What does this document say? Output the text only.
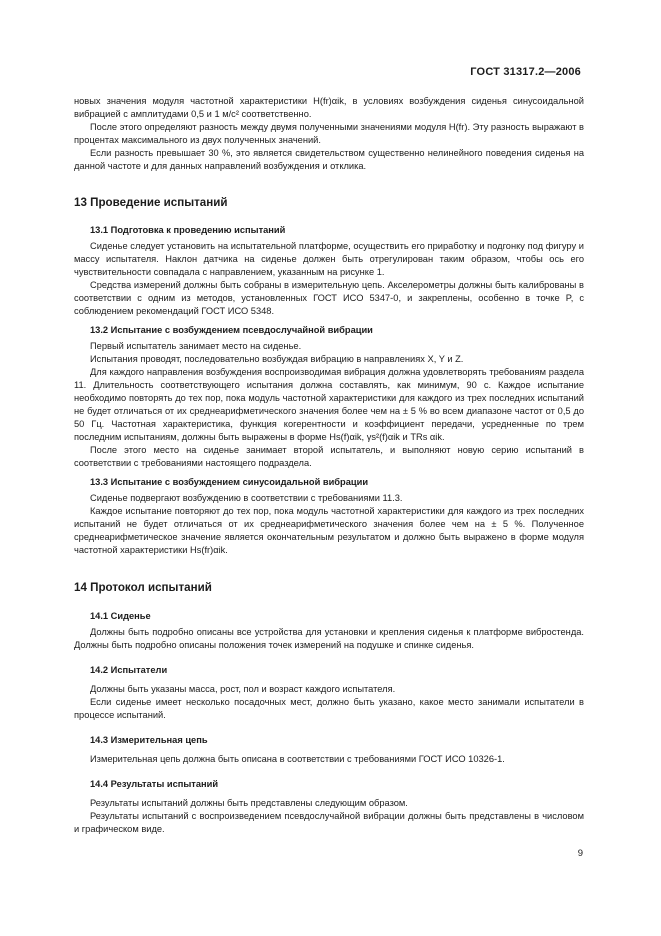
ГОСТ 31317.2—2006

новых значения модуля частотной характеристики H(fr)αik, в условиях возбуждения сиденья синусоидальной вибрацией с амплитудами 0,5 и 1 м/с² соответственно.

После этого определяют разность между двумя полученными значениями модуля H(fr). Эту разность выражают в процентах максимального из двух полученных значений.

Если разность превышает 30 %, это является свидетельством существенно нелинейного поведения сиденья на данной частоте и для данных направлений возбуждения и отклика.

13 Проведение испытаний
13.1 Подготовка к проведению испытаний

Сиденье следует установить на испытательной платформе, осуществить его приработку и подгонку под фигуру и массу испытателя. Наклон датчика на сиденье должен быть отрегулирован таким образом, чтобы ось его чувствительности совпадала с направлением, указанным на рисунке 1.

Средства измерений должны быть собраны в измерительную цепь. Акселерометры должны быть калиброваны в соответствии с одним из методов, установленных ГОСТ ИСО 5347-0, и закреплены, особенно в точке P, с соблюдением рекомендаций ГОСТ ИСО 5348.

13.2 Испытание с возбуждением псевдослучайной вибрации

Первый испытатель занимает место на сиденье.

Испытания проводят, последовательно возбуждая вибрацию в направлениях X, Y и Z.

Для каждого направления возбуждения воспроизводимая вибрация должна удовлетворять требованиям раздела 11. Длительность соответствующего испытания должна составлять, как минимум, 90 с. Каждое испытание необходимо повторять до тех пор, пока модуль частотной характеристики для каждого из трех последних испытаний не будет отличаться от их среднеарифметического значения более чем на ± 5 % во всем диапазоне частот от 0,5 до 50 Гц. Частотная характеристика, функция когерентности и коэффициент передачи, усредненные по трем последним испытаниям, должны быть выражены в форме Hs(f)αik, γs²(f)αik и TRs αik.

После этого место на сиденье занимает второй испытатель, и выполняют новую серию испытаний в соответствии с требованиями настоящего подраздела.

13.3 Испытание с возбуждением синусоидальной вибрации

Сиденье подвергают возбуждению в соответствии с требованиями 11.3.

Каждое испытание повторяют до тех пор, пока модуль частотной характеристики для каждого из трех последних испытаний не будет отличаться от их среднеарифметического значения более чем на ± 5 %. Полученное среднеарифметическое значение является окончательным результатом и должно быть выражено в форме модуля частотной характеристики Hs(fr)αik.

14 Протокол испытаний
14.1 Сиденье

Должны быть подробно описаны все устройства для установки и крепления сиденья к платформе вибростенда. Должны быть подробно описаны положения точек измерений на подушке и спинке сиденья.

14.2 Испытатели

Должны быть указаны масса, рост, пол и возраст каждого испытателя.

Если сиденье имеет несколько посадочных мест, должно быть указано, какое место занимали испытатели в процессе испытаний.

14.3 Измерительная цепь

Измерительная цепь должна быть описана в соответствии с требованиями ГОСТ ИСО 10326-1.

14.4 Результаты испытаний

Результаты испытаний должны быть представлены следующим образом.

Результаты испытаний с воспроизведением псевдослучайной вибрации должны быть представлены в числовом и графическом виде.

9
